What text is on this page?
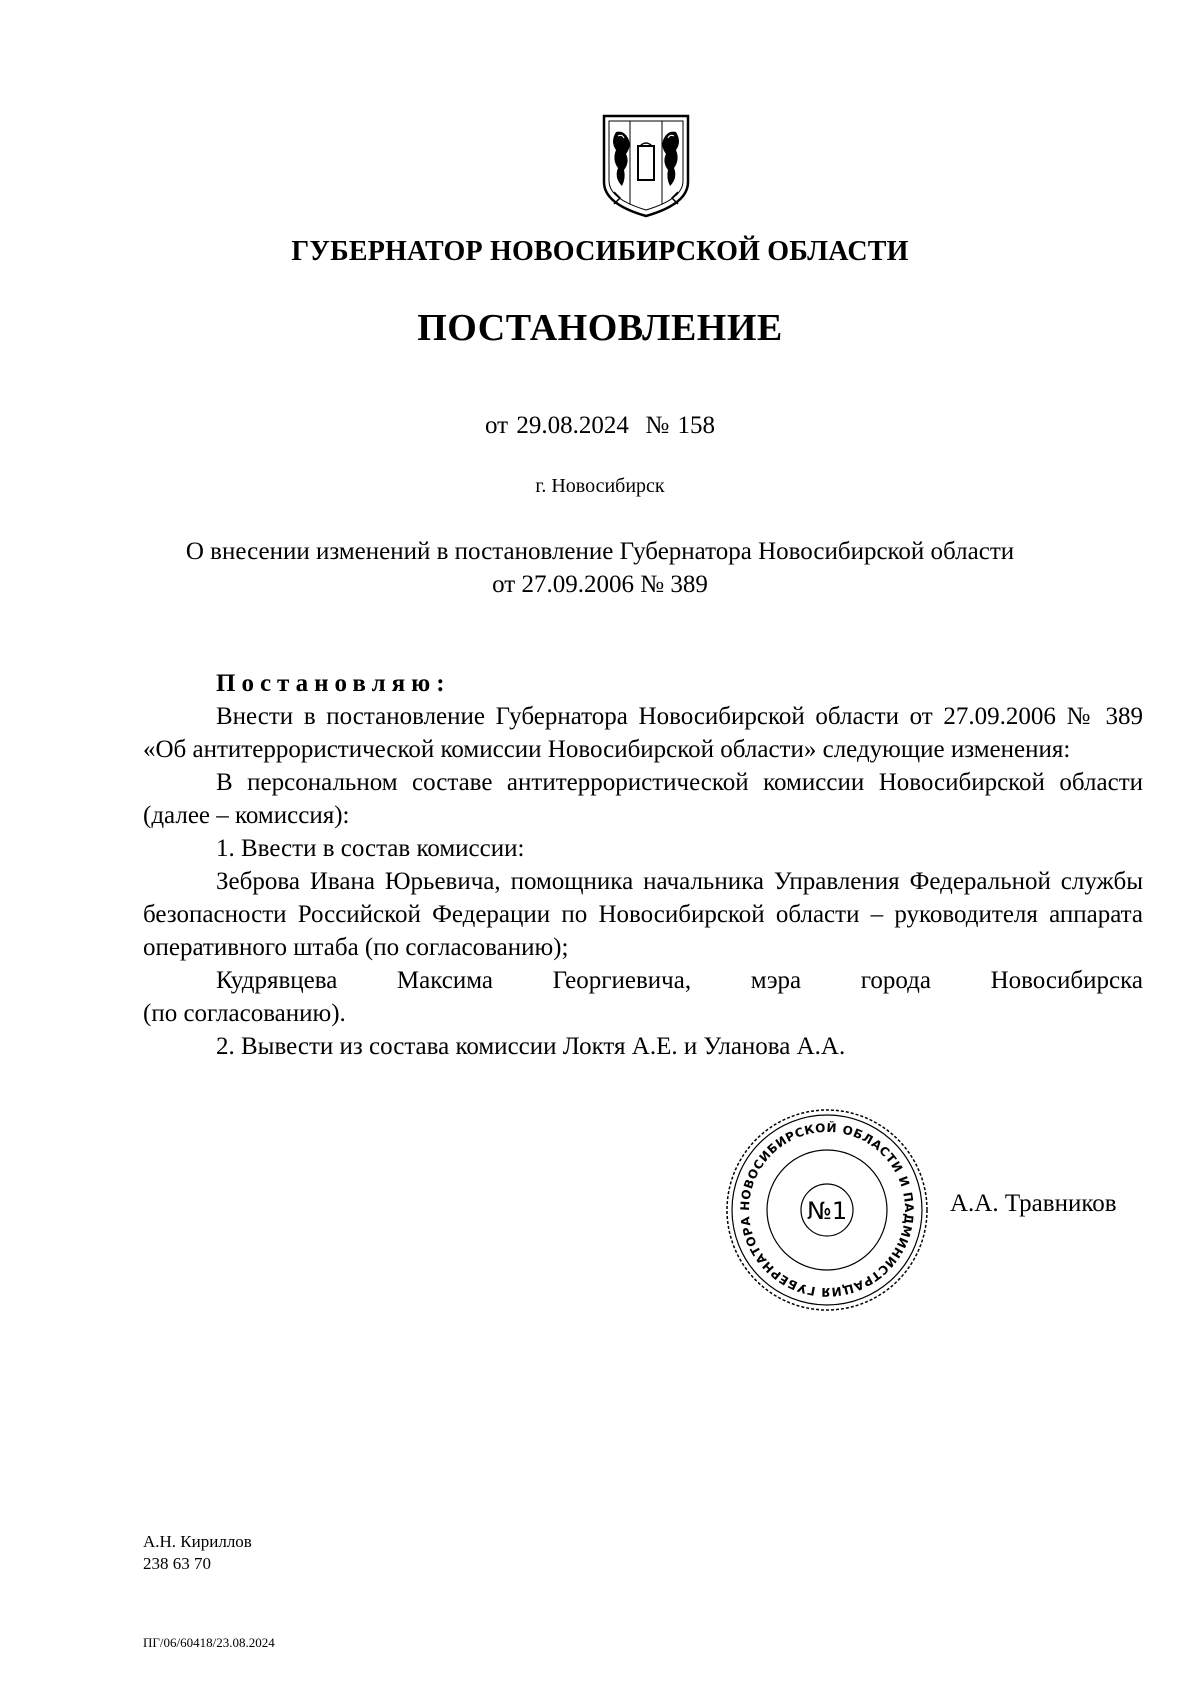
ГУБЕРНАТОР НОВОСИБИРСКОЙ ОБЛАСТИ
ПОСТАНОВЛЕНИЕ
от 29.08.2024  № 158
г. Новосибирск
О внесении изменений в постановление Губернатора Новосибирской области
от 27.09.2006 № 389

Постановляю:

Внести в постановление Губернатора Новосибирской области от 27.09.2006 № 389 «Об антитеррористической комиссии Новосибирской области» следующие изменения:

В персональном составе антитеррористической комиссии Новосибирской области (далее – комиссия):

1. Ввести в состав комиссии:

Зеброва Ивана Юрьевича, помощника начальника Управления Федеральной службы безопасности Российской Федерации по Новосибирской области – руководителя аппарата оперативного штаба (по согласованию);

Кудрявцева Максима Георгиевича, мэра города Новосибирска

(по согласованию).

2. Вывести из состава комиссии Локтя А.Е. и Уланова А.А.

АДМИНИСТРАЦИЯ ГУБЕРНАТОРА НОВОСИБИРСКОЙ ОБЛАСТИ И ПРАВИТЕЛЬСТВА
№1	А.А. Травников
А.Н. Кириллов
238 63 70
ПГ/06/60418/23.08.2024
